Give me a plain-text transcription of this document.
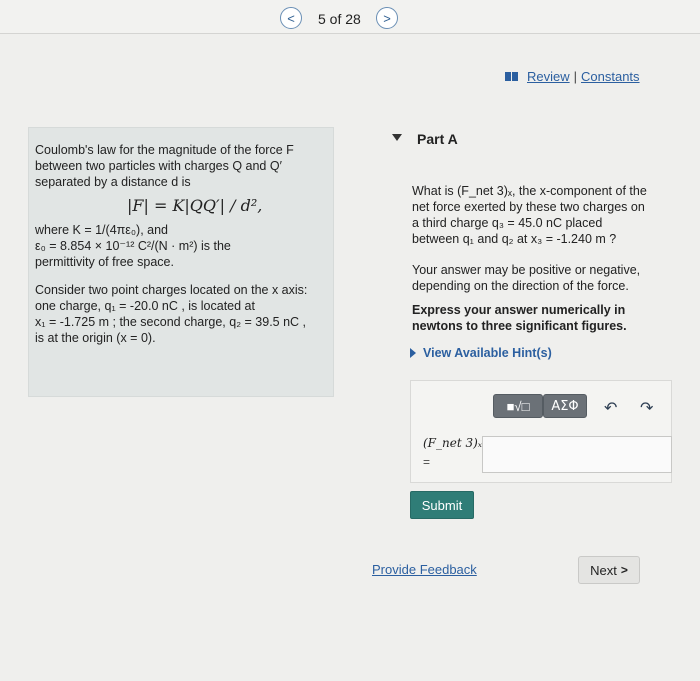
<	5 of 28	>
Review | Constants

Coulomb's law for the magnitude of the force F

between two particles with charges Q and Q′

separated by a distance d is

|F| = K|QQ′| / d²,

where K = 1/(4πε₀), and

ε₀ = 8.854 × 10⁻¹² C²/(N · m²) is the

permittivity of free space.

Consider two point charges located on the x axis:

one charge, q₁ = -20.0 nC , is located at

x₁ = -1.725 m ; the second charge, q₂ = 39.5 nC ,

is at the origin (x = 0).

Part A

What is (F_net 3)ₓ, the x-component of the

net force exerted by these two charges on

a third charge q₃ = 45.0 nC placed

between q₁ and q₂ at x₃ = -1.240 m ?

Your answer may be positive or negative,

depending on the direction of the force.

Express your answer numerically in

newtons to three significant figures.

View Available Hint(s)
■√□	ΑΣΦ	↶ ↷
(F_net 3)ₓ
=
Submit
Provide Feedback	Next >
